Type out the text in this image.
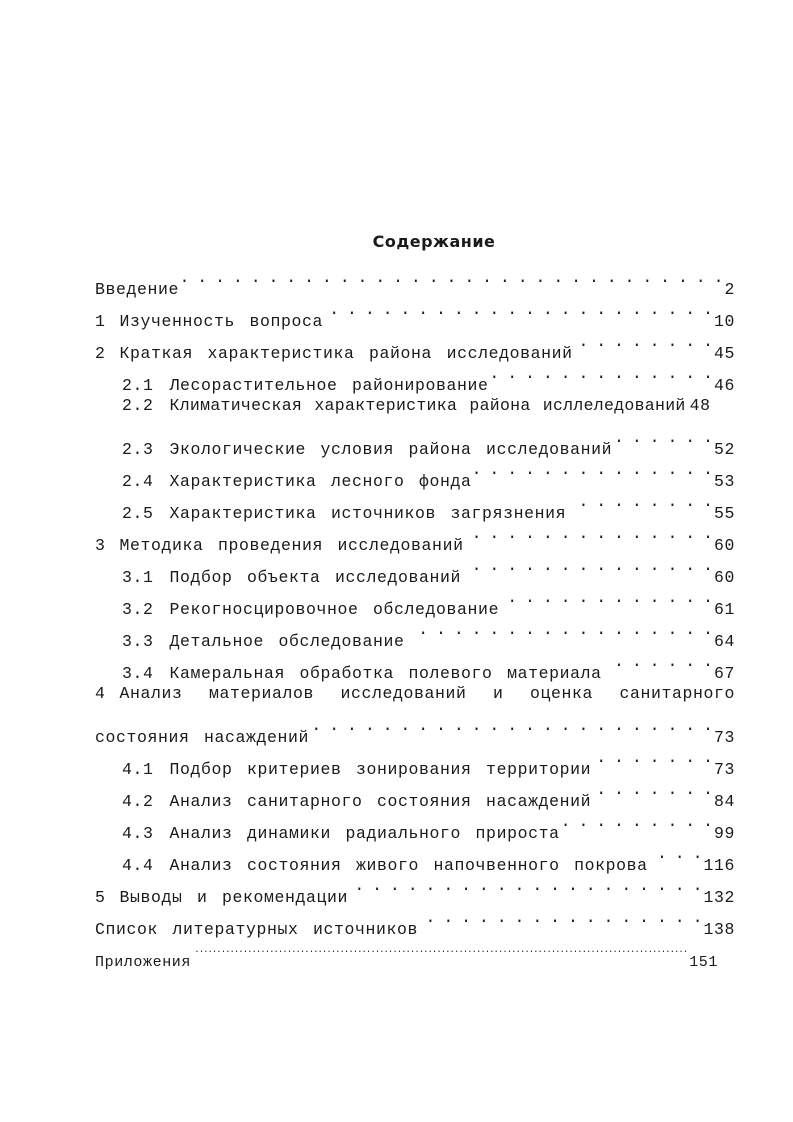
Содержание
Введение . . .	2
1 Изученность вопроса . . .	10
2 Краткая характеристика района исследований . . .	45
2.1 Лесорастительное районирование . . .	46
2.2 Климатическая характеристика района исллеледований 48
2.3 Экологические условия района исследований . . .	52
2.4 Характеристика лесного фонда . . .	53
2.5 Характеристика источников загрязнения . . .	55
3 Методика проведения исследований . . .	60
3.1 Подбор объекта исследований . . .	60
3.2 Рекогносцировочное обследование . . .	61
3.3 Детальное обследование . . .	64
3.4 Камеральная обработка полевого материала . . .	67
4 Анализ материалов исследований и оценка санитарного
состояния насаждений . . .	73
4.1 Подбор критериев зонирования территории . . .	73
4.2 Анализ санитарного состояния насаждений . . .	84
4.3 Анализ динамики радиального прироста . . .	99
4.4 Анализ состояния живого напочвенного покрова . . .	116
5 Выводы и рекомендации . . .	132
Список литературных источников . . .	138
Приложения .....	151
